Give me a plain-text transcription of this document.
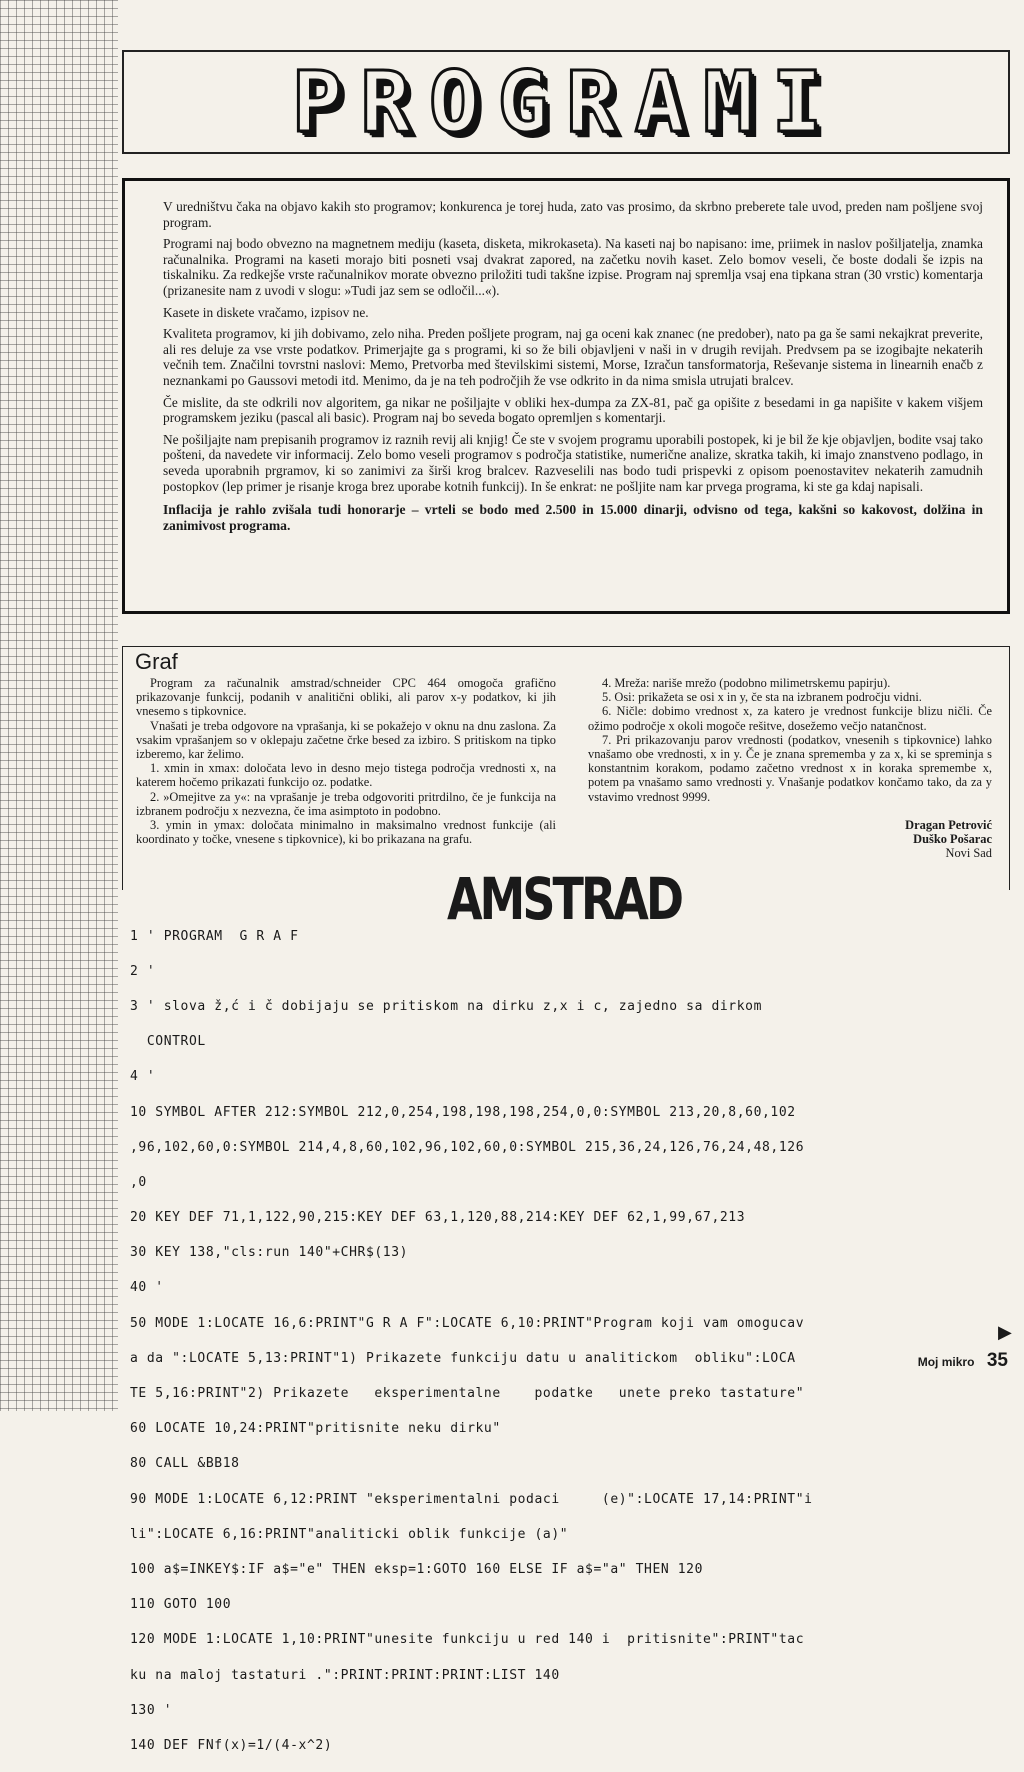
PROGRAMI

V uredništvu čaka na objavo kakih sto programov; konkurenca je torej huda, zato vas prosimo, da skrbno preberete tale uvod, preden nam pošljene svoj program.

Programi naj bodo obvezno na magnetnem mediju (kaseta, disketa, mikrokaseta). Na kaseti naj bo napisano: ime, priimek in naslov pošiljatelja, znamka računalnika. Programi na kaseti morajo biti posneti vsaj dvakrat zapored, na začetku novih kaset. Zelo bomov veseli, če boste dodali še izpis na tiskalniku. Za redkejše vrste računalnikov morate obvezno priložiti tudi takšne izpise. Program naj spremlja vsaj ena tipkana stran (30 vrstic) komentarja (prizanesite nam z uvodi v slogu: »Tudi jaz sem se odločil...«).

Kasete in diskete vračamo, izpisov ne.

Kvaliteta programov, ki jih dobivamo, zelo niha. Preden pošljete program, naj ga oceni kak znanec (ne predober), nato pa ga še sami nekajkrat preverite, ali res deluje za vse vrste podatkov. Primerjajte ga s programi, ki so že bili objavljeni v naši in v drugih revijah. Predvsem pa se izogibajte nekaterih večnih tem. Značilni tovrstni naslovi: Memo, Pretvorba med številskimi sistemi, Morse, Izračun tansformatorja, Reševanje sistema in linearnih enačb z neznankami po Gaussovi metodi itd. Menimo, da je na teh področjih že vse odkrito in da nima smisla utrujati bralcev.

Če mislite, da ste odkrili nov algoritem, ga nikar ne pošiljajte v obliki hex-dumpa za ZX-81, pač ga opišite z besedami in ga napišite v kakem višjem programskem jeziku (pascal ali basic). Program naj bo seveda bogato opremljen s komentarji.

Ne pošiljajte nam prepisanih programov iz raznih revij ali knjig! Če ste v svojem programu uporabili postopek, ki je bil že kje objavljen, bodite vsaj tako pošteni, da navedete vir informacij. Zelo bomo veseli programov s področja statistike, numerične analize, skratka takih, ki imajo znanstveno podlago, in seveda uporabnih prgramov, ki so zanimivi za širši krog bralcev. Razveselili nas bodo tudi prispevki z opisom poenostavitev nekaterih zamudnih postopkov (lep primer je risanje kroga brez uporabe kotnih funkcij). In še enkrat: ne pošljite nam kar prvega programa, ki ste ga kdaj napisali.

Inflacija je rahlo zvišala tudi honorarje – vrteli se bodo med 2.500 in 15.000 dinarji, odvisno od tega, kakšni so kakovost, dolžina in zanimivost programa.

Graf

Program za računalnik amstrad/schneider CPC 464 omogoča grafično prikazovanje funkcij, podanih v analitični obliki, ali parov x-y podatkov, ki jih vnesemo s tipkovnice.

Vnašati je treba odgovore na vprašanja, ki se pokažejo v oknu na dnu zaslona. Za vsakim vprašanjem so v oklepaju začetne črke besed za izbiro. S pritiskom na tipko izberemo, kar želimo.

1. xmin in xmax: določata levo in desno mejo tistega področja vrednosti x, na katerem hočemo prikazati funkcijo oz. podatke.

2. »Omejitve za y«: na vprašanje je treba odgovoriti pritrdilno, če je funkcija na izbranem področju x nezvezna, če ima asimptoto in podobno.

3. ymin in ymax: določata minimalno in maksimalno vrednost funkcije (ali koordinato y točke, vnesene s tipkovnice), ki bo prikazana na grafu.

4. Mreža: nariše mrežo (podobno milimetrskemu papirju).

5. Osi: prikažeta se osi x in y, če sta na izbranem področju vidni.

6. Ničle: dobimo vrednost x, za katero je vrednost funkcije blizu ničli. Če ožimo področje x okoli mogoče rešitve, dosežemo večjo natančnost.

7. Pri prikazovanju parov vrednosti (podatkov, vnesenih s tipkovnice) lahko vnašamo obe vrednosti, x in y. Če je znana sprememba y za x, ki se spreminja s konstantnim korakom, podamo začetno vrednost x in koraka spremembe x, potem pa vnašamo samo vrednosti y. Vnašanje podatkov končamo tako, da za y vstavimo vrednost 9999.

Dragan Petrović
Duško Pošarac
Novi Sad
AMSTRAD

1 ' PROGRAM  G R A F

2 '

3 ' slova ž,ć i č dobijaju se pritiskom na dirku z,x i c, zajedno sa dirkom

CONTROL

4 '

10 SYMBOL AFTER 212:SYMBOL 212,0,254,198,198,198,254,0,0:SYMBOL 213,20,8,60,102

,96,102,60,0:SYMBOL 214,4,8,60,102,96,102,60,0:SYMBOL 215,36,24,126,76,24,48,126

,0

20 KEY DEF 71,1,122,90,215:KEY DEF 63,1,120,88,214:KEY DEF 62,1,99,67,213

30 KEY 138,"cls:run 140"+CHR$(13)

40 '

50 MODE 1:LOCATE 16,6:PRINT"G R A F":LOCATE 6,10:PRINT"Program koji vam omogucav

a da ":LOCATE 5,13:PRINT"1) Prikazete funkciju datu u analitickom  obliku":LOCA

TE 5,16:PRINT"2) Prikazete   eksperimentalne    podatke   unete preko tastature"

60 LOCATE 10,24:PRINT"pritisnite neku dirku"

80 CALL &BB18

90 MODE 1:LOCATE 6,12:PRINT "eksperimentalni podaci     (e)":LOCATE 17,14:PRINT"i

li":LOCATE 6,16:PRINT"analiticki oblik funkcije (a)"

100 a$=INKEY$:IF a$="e" THEN eksp=1:GOTO 160 ELSE IF a$="a" THEN 120

110 GOTO 100

120 MODE 1:LOCATE 1,10:PRINT"unesite funkciju u red 140 i  pritisnite":PRINT"tac

ku na maloj tastaturi .":PRINT:PRINT:PRINT:LIST 140

130 '

140 DEF FNf(x)=1/(4-x^2)

▶
Moj mikro 35
